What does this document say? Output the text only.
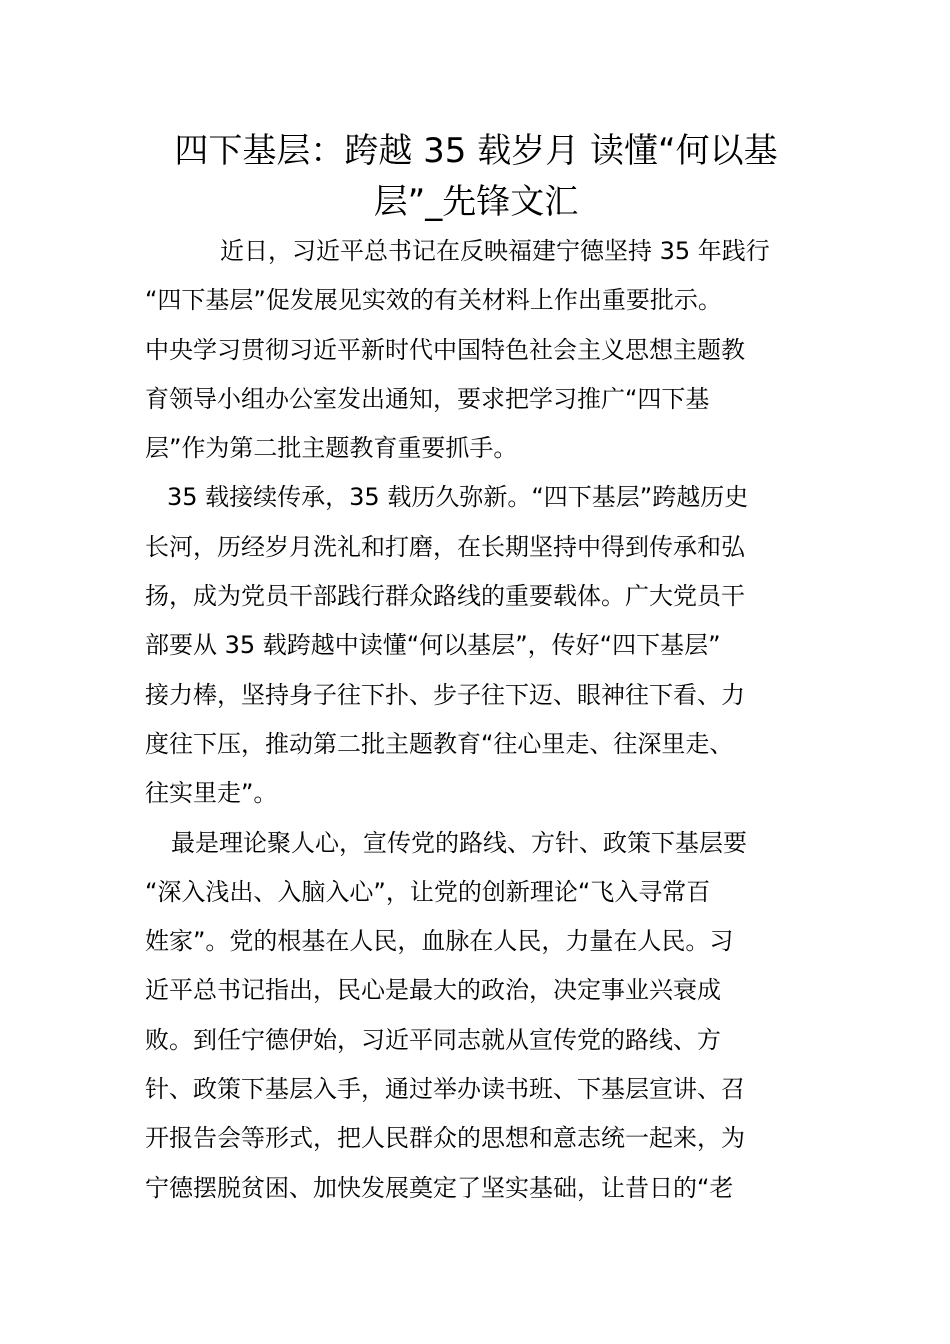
四下基层：跨越 35 载岁月 读懂“何以基
层”_先锋文汇
近日，习近平总书记在反映福建宁德坚持 35 年践行
“四下基层”促发展见实效的有关材料上作出重要批示。
中央学习贯彻习近平新时代中国特色社会主义思想主题教
育领导小组办公室发出通知，要求把学习推广“四下基
层”作为第二批主题教育重要抓手。
35 载接续传承，35 载历久弥新。“四下基层”跨越历史
长河，历经岁月洗礼和打磨，在长期坚持中得到传承和弘
扬，成为党员干部践行群众路线的重要载体。广大党员干
部要从 35 载跨越中读懂“何以基层”，传好“四下基层”
接力棒，坚持身子往下扑、步子往下迈、眼神往下看、力
度往下压，推动第二批主题教育“往心里走、往深里走、
往实里走”。
最是理论聚人心，宣传党的路线、方针、政策下基层要
“深入浅出、入脑入心”，让党的创新理论“飞入寻常百
姓家”。党的根基在人民，血脉在人民，力量在人民。习
近平总书记指出，民心是最大的政治，决定事业兴衰成
败。到任宁德伊始，习近平同志就从宣传党的路线、方
针、政策下基层入手，通过举办读书班、下基层宣讲、召
开报告会等形式，把人民群众的思想和意志统一起来，为
宁德摆脱贫困、加快发展奠定了坚实基础，让昔日的“老
